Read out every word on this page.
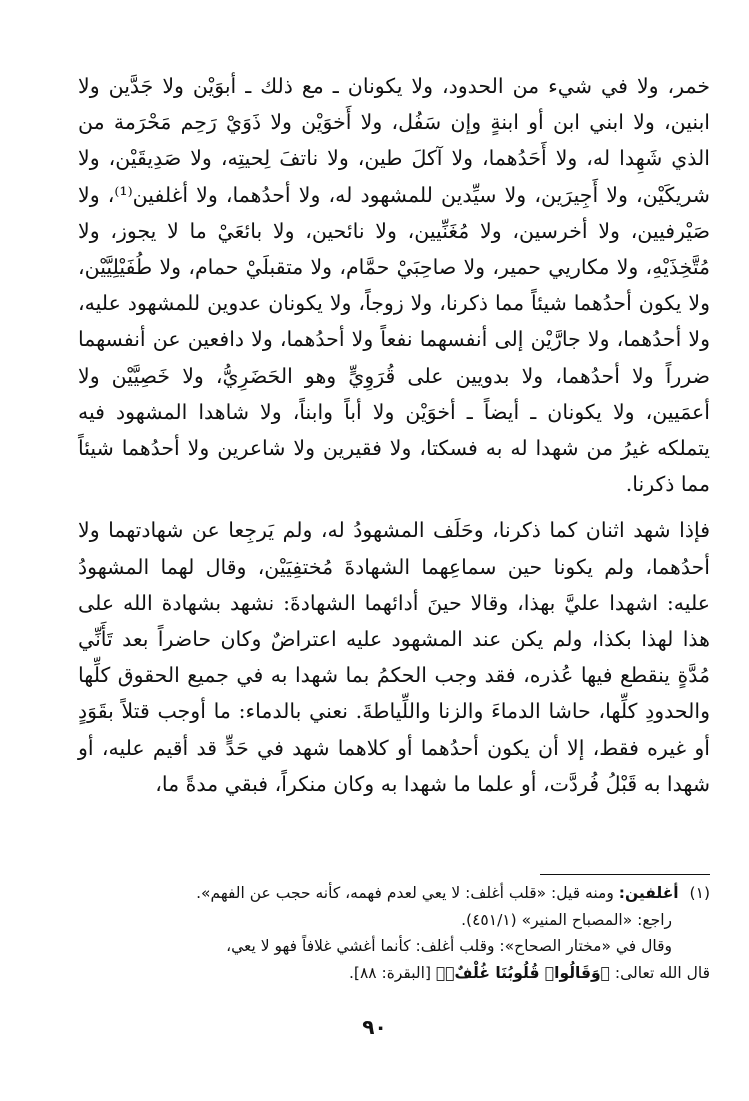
خمر، ولا في شيء من الحدود، ولا يكونان ـ مع ذلك ـ أبوَيْن ولا جَدَّين ولا ابنين، ولا ابني ابن أو ابنةٍ وإن سَفُل، ولا أَخوَيْن ولا ذَوَيْ رَحِم مَحْرَمة من الذي شَهِدا له، ولا أَحَدُهما، ولا آكلَ طين، ولا ناتفَ لِحيتِه، ولا صَدِيقَيْن، ولا شريكَيْن، ولا أَجِيرَين، ولا سيِّدين للمشهود له، ولا أحدُهما، ولا أغلفين⁽¹⁾، ولا صَيْرفيين، ولا أخرسين، ولا مُغَنِّيين، ولا نائحين، ولا بائعَيْ ما لا يجوز، ولا مُتَّخِذَيْهِ، ولا مكاريي حمير، ولا صاحِبَيْ حمَّام، ولا متقبلَيْ حمام، ولا طُفَيْلِيَّيْن، ولا يكون أحدُهما شيئاً مما ذكرنا، ولا زوجاً، ولا يكونان عدوين للمشهود عليه، ولا أحدُهما، ولا جارَّيْن إلى أنفسهما نفعاً ولا أحدُهما، ولا دافعين عن أنفسهما ضرراً ولا أحدُهما، ولا بدويين على قُرَوِيٍّ وهو الحَضَرِيُّ، ولا خَصِيَّيْن ولا أعمَيين، ولا يكونان ـ أيضاً ـ أخوَيْن ولا أباً وابناً، ولا شاهدا المشهود فيه يتملكه غيرُ من شهدا له به فسكتا، ولا فقيرين ولا شاعرين ولا أحدُهما شيئاً مما ذكرنا.

فإذا شهد اثنان كما ذكرنا، وحَلَف المشهودُ له، ولم يَرجِعا عن شهادتهما ولا أحدُهما، ولم يكونا حين سماعِهما الشهادةَ مُختفِيَيْن، وقال لهما المشهودُ عليه: اشهدا عليَّ بهذا، وقالا حينَ أدائهما الشهادةَ: نشهد بشهادة الله على هذا لهذا بكذا، ولم يكن عند المشهود عليه اعتراضٌ وكان حاضراً بعد تَأَنِّي مُدَّةٍ ينقطع فيها عُذره، فقد وجب الحكمُ بما شهدا به في جميع الحقوق كلِّها والحدودِ كلِّها، حاشا الدماءَ والزنا واللِّياطةَ. نعني بالدماء: ما أوجب قتلاً بقَوَدٍ أو غيره فقط، إلا أن يكون أحدُهما أو كلاهما شهد في حَدٍّ قد أقيم عليه، أو شهدا به قَبْلُ فُردَّت، أو علما ما شهدا به وكان منكراً، فبقي مدةً ما،

(١) أغلفين: ومنه قيل: «قلب أغلف: لا يعي لعدم فهمه، كأنه حجب عن الفهم».

راجع: «المصباح المنير» (٤٥١/١).

وقال في «مختار الصحاح»: وقلب أغلف: كأنما أغشي غلافاً فهو لا يعي،

قال الله تعالى: ﴿وَقَالُوا۟ قُلُوبُنَا غُلْفٌۢ﴾ [البقرة: ٨٨].

٩٠
